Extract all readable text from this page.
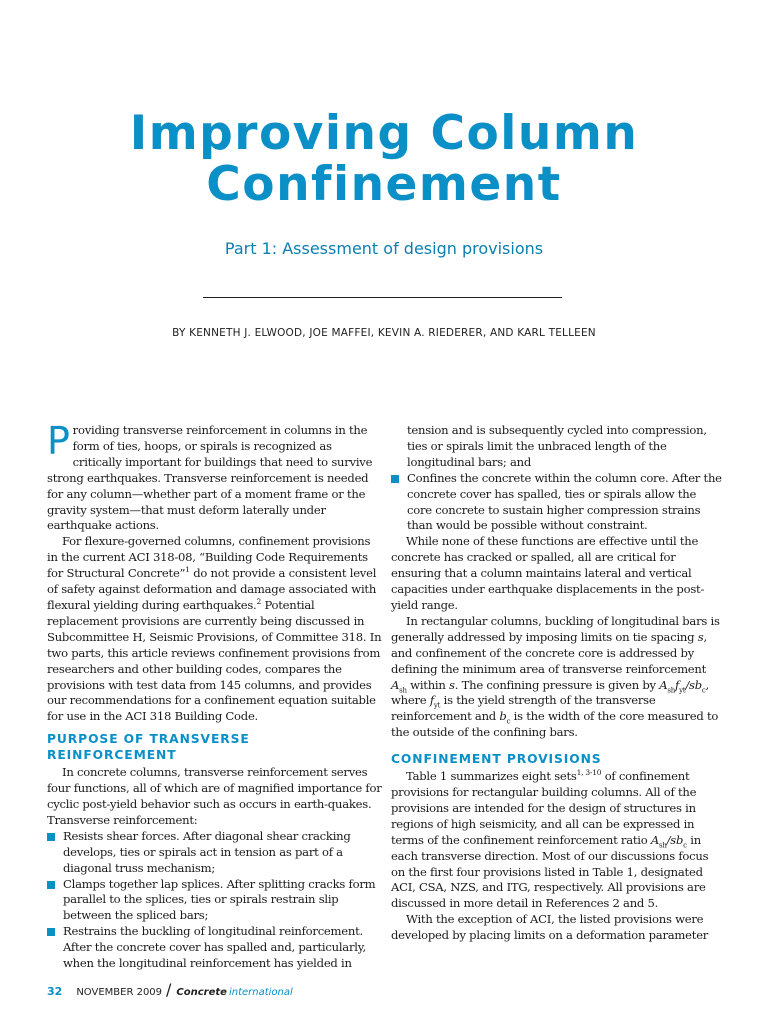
Improving Column
Confinement
Part 1: Assessment of design provisions
BY KENNETH J. ELWOOD, JOE MAFFEI, KEVIN A. RIEDERER, AND KARL TELLEEN

Providing transverse reinforcement in columns in the form of ties, hoops, or spirals is recognized as critically important for buildings that need to survive strong earthquakes. Transverse reinforcement is needed for any column—whether part of a moment frame or the gravity system—that must deform laterally under earthquake actions.

For flexure-governed columns, confinement provisions in the current ACI 318-08, “Building Code Requirements for Structural Concrete”$^1$ do not provide a consistent level of safety against deformation and damage associated with flexural yielding during earthquakes.$^2$ Potential replacement provisions are currently being discussed in Subcommittee H, Seismic Provisions, of Committee 318. In two parts, this article reviews confinement provisions from researchers and other building codes, compares the provisions with test data from 145 columns, and provides our recommendations for a confinement equation suitable for use in the ACI 318 Building Code.

PURPOSE OF TRANSVERSE REINFORCEMENT

In concrete columns, transverse reinforcement serves four functions, all of which are of magnified importance for cyclic post-yield behavior such as occurs in earth-quakes. Transverse reinforcement:

Resists shear forces. After diagonal shear cracking develops, ties or spirals act in tension as part of a diagonal truss mechanism;
Clamps together lap splices. After splitting cracks form parallel to the splices, ties or spirals restrain slip between the spliced bars;
Restrains the buckling of longitudinal reinforcement. After the concrete cover has spalled and, particularly, when the longitudinal reinforcement has yielded in
tension and is subsequently cycled into compression, ties or spirals limit the unbraced length of the longitudinal bars; and
Confines the concrete within the column core. After the concrete cover has spalled, ties or spirals allow the core concrete to sustain higher compression strains than would be possible without constraint.

While none of these functions are effective until the concrete has cracked or spalled, all are critical for ensuring that a column maintains lateral and vertical capacities under earthquake displacements in the post-yield range.

In rectangular columns, buckling of longitudinal bars is generally addressed by imposing limits on tie spacing s, and confinement of the concrete core is addressed by defining the minimum area of transverse reinforcement $A_{sh}$ within s. The confining pressure is given by $A_{sh}f_{yt}/sb_c$, where $f_{yt}$ is the yield strength of the transverse reinforcement and $b_c$ is the width of the core measured to the outside of the confining bars.

CONFINEMENT PROVISIONS

Table 1 summarizes eight sets$^{1, 3-10}$ of confinement provisions for rectangular building columns. All of the provisions are intended for the design of structures in regions of high seismicity, and all can be expressed in terms of the confinement reinforcement ratio $A_{sh}/sb_c$ in each transverse direction. Most of our discussions focus on the first four provisions listed in Table 1, designated ACI, CSA, NZS, and ITG, respectively. All provisions are discussed in more detail in References 2 and 5.

With the exception of ACI, the listed provisions were developed by placing limits on a deformation parameter

32 NOVEMBER 2009 / Concrete international
